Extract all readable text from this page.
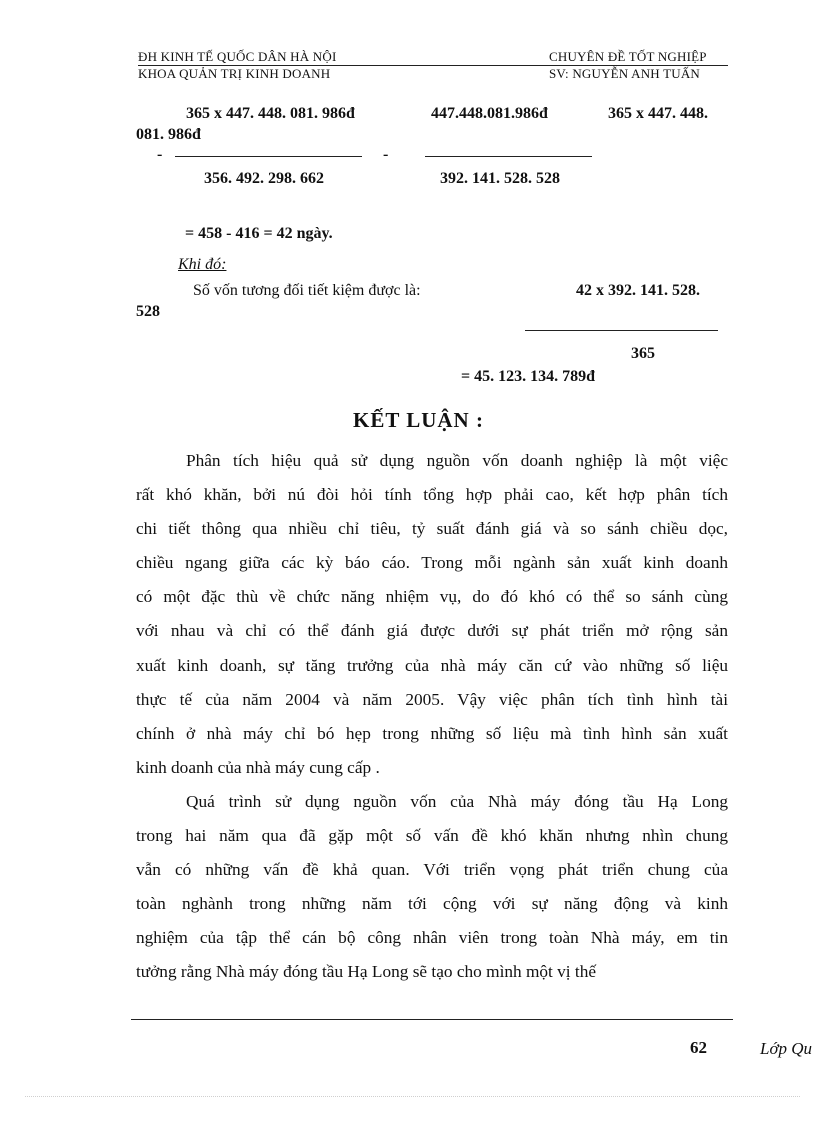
ĐH KINH TẾ QUỐC DÂN HÀ NỘI	CHUYÊN ĐỀ TỐT NGHIỆP
KHOA QUẢN TRỊ KINH DOANH	SV: NGUYỄN ANH TUẤN
365 x 447. 448. 081. 986đ	447.448.081.986đ	365 x 447. 448.
081. 986đ
-	-
356. 492. 298. 662	392. 141. 528. 528
= 458 - 416 = 42 ngày.
Khi đó:
Số vốn tương đối tiết kiệm được là:	42 x 392. 141. 528.
528
365
= 45. 123. 134. 789đ
KẾT LUẬN :
Phân tích hiệu quả sử dụng nguồn vốn doanh nghiệp là một việc
rất khó khăn, bởi nú đòi hỏi tính tổng hợp phải cao, kết hợp phân tích
chi tiết thông qua nhiều chỉ tiêu, tỷ suất đánh giá và so sánh chiều dọc,
chiều ngang giữa các kỳ báo cáo. Trong mỗi ngành sản xuất kinh doanh
có một đặc thù về chức năng nhiệm vụ, do đó khó có thể so sánh cùng
với nhau và chỉ có thể đánh giá được dưới sự phát triển mở rộng sản
xuất kinh doanh, sự tăng trưởng của nhà máy căn cứ vào những số liệu
thực tế của năm 2004 và năm 2005. Vậy việc phân tích tình hình tài
chính ở nhà máy chỉ bó hẹp trong những số liệu mà tình hình sản xuất
kinh doanh của nhà máy cung cấp .
Quá trình sử dụng nguồn vốn của Nhà máy đóng tầu Hạ Long
trong hai năm qua đã gặp một số vấn đề khó khăn nhưng nhìn chung
vẫn có những vấn đề khả quan. Với triển vọng phát triển chung của
toàn nghành trong những năm tới cộng với sự năng động và kinh
nghiệm của tập thể cán bộ công nhân viên trong toàn Nhà máy, em tin
tưởng rằng Nhà máy đóng tầu Hạ Long sẽ tạo cho mình một vị thế
62	Lớp Qu
